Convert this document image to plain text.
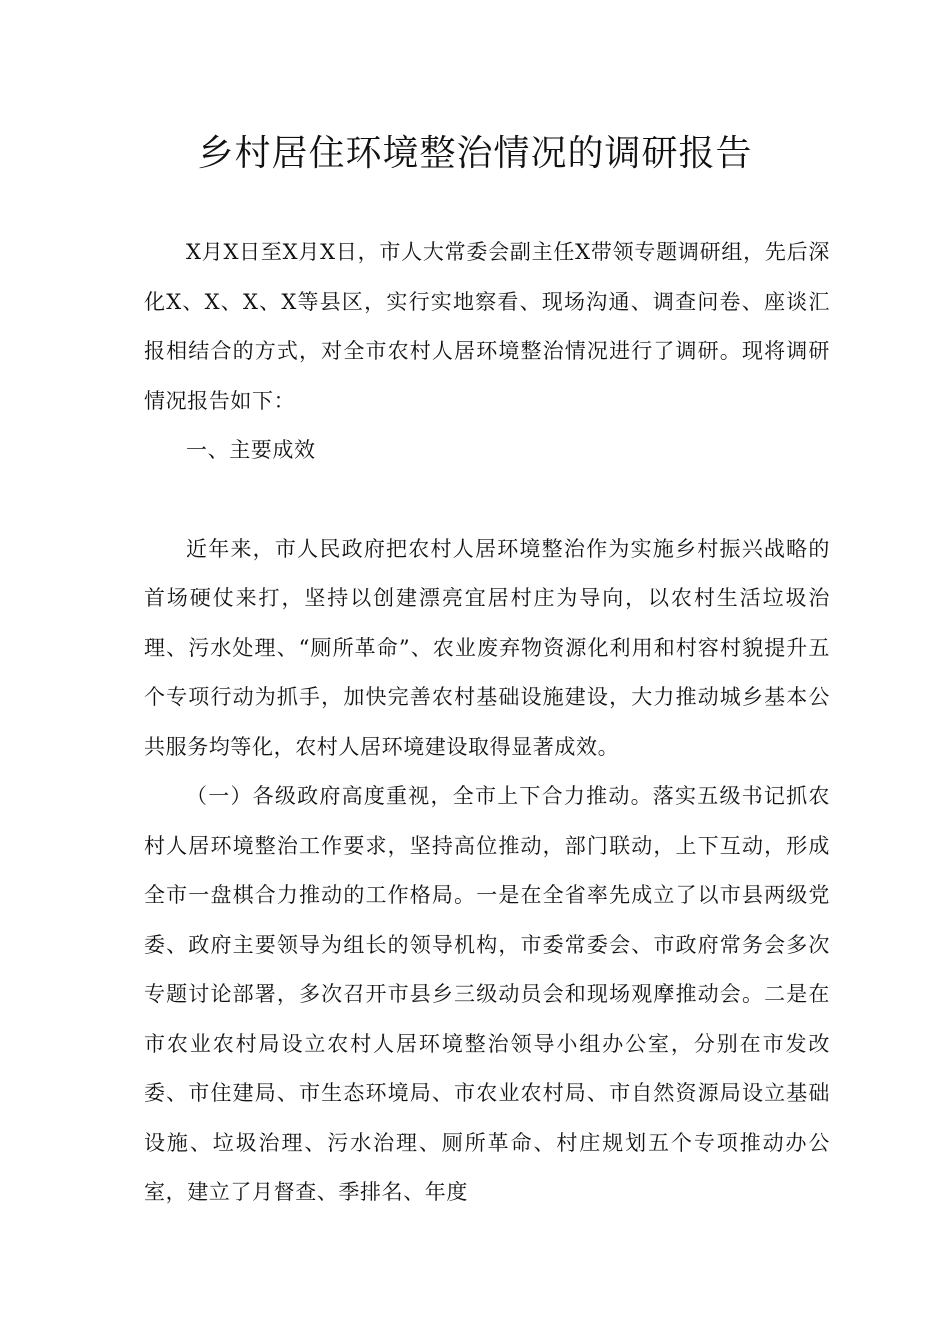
乡村居住环境整治情况的调研报告

X月X日至X月X日，市人大常委会副主任X带领专题调研组，先后深化X、X、X、X等县区，实行实地察看、现场沟通、调查问卷、座谈汇报相结合的方式，对全市农村人居环境整治情况进行了调研。现将调研情况报告如下：

一、主要成效

近年来，市人民政府把农村人居环境整治作为实施乡村振兴战略的首场硬仗来打，坚持以创建漂亮宜居村庄为导向，以农村生活垃圾治理、污水处理、“厕所革命”、农业废弃物资源化利用和村容村貌提升五个专项行动为抓手，加快完善农村基础设施建设，大力推动城乡基本公共服务均等化，农村人居环境建设取得显著成效。

（一）各级政府高度重视，全市上下合力推动。落实五级书记抓农村人居环境整治工作要求，坚持高位推动，部门联动，上下互动，形成全市一盘棋合力推动的工作格局。一是在全省率先成立了以市县两级党委、政府主要领导为组长的领导机构，市委常委会、市政府常务会多次专题讨论部署，多次召开市县乡三级动员会和现场观摩推动会。二是在市农业农村局设立农村人居环境整治领导小组办公室，分别在市发改委、市住建局、市生态环境局、市农业农村局、市自然资源局设立基础设施、垃圾治理、污水治理、厕所革命、村庄规划五个专项推动办公室，建立了月督查、季排名、年度
